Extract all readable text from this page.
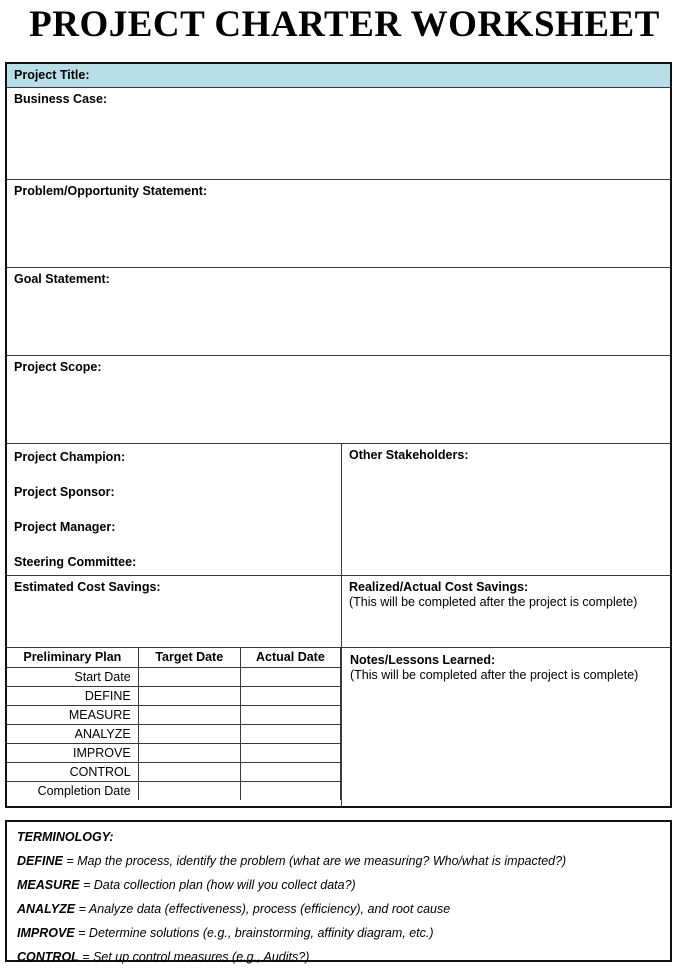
PROJECT CHARTER WORKSHEET
Project Title:
Business Case:
Problem/Opportunity Statement:
Goal Statement:
Project Scope:
Project Champion:
Project Sponsor:
Project Manager:
Steering Committee:
Other Stakeholders:
Estimated Cost Savings:	Realized/Actual Cost Savings:
(This will be completed after the project is complete)
Preliminary Plan	Target Date	Actual Date
Start Date		
DEFINE		
MEASURE		
ANALYZE		
IMPROVE		
CONTROL		
Completion Date		
Notes/Lessons Learned:
(This will be completed after the project is complete)
TERMINOLOGY:
DEFINE = Map the process, identify the problem (what are we measuring? Who/what is impacted?)
MEASURE = Data collection plan (how will you collect data?)
ANALYZE = Analyze data (effectiveness), process (efficiency), and root cause
IMPROVE = Determine solutions (e.g., brainstorming, affinity diagram, etc.)
CONTROL = Set up control measures (e.g., Audits?)
